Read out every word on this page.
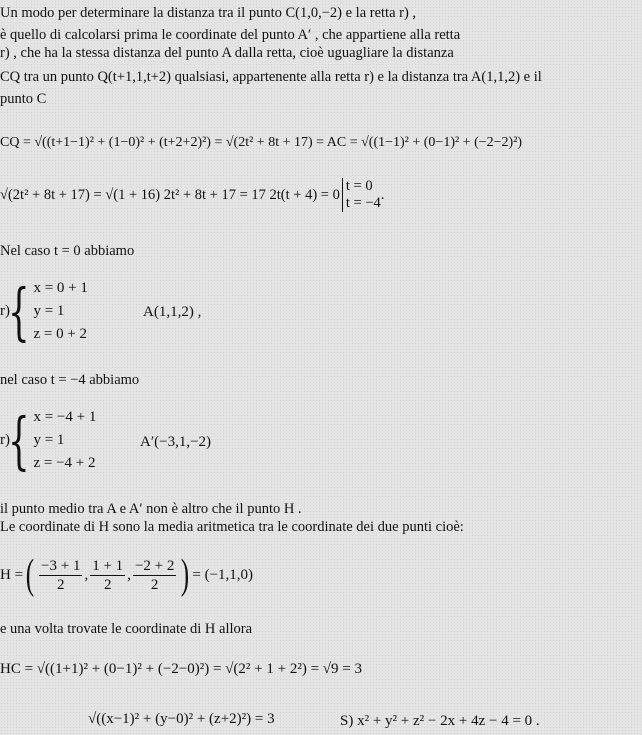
Un modo per determinare la distanza tra il punto C(1,0,−2) e la retta r) ,
è quello di calcolarsi prima le coordinate del punto A′ , che appartiene alla retta
r) , che ha la stessa distanza del punto A dalla retta, cioè uguagliare la distanza
CQ tra un punto Q(t+1,1,t+2) qualsiasi, appartenente alla retta r) e la distanza tra A(1,1,2) e il
punto C
CQ = √((t+1−1)² + (1−0)² + (t+2+2)²) = √(2t² + 8t + 17) = AC = √((1−1)² + (0−1)² + (−2−2)²)
√(2t² + 8t + 17) = √(1 + 16) 2t² + 8t + 17 = 17 2t(t + 4) = 0
t = 0
t = −4 .
Nel caso t = 0 abbiamo
r)
{ x = 0 + 1
y = 1
z = 0 + 2
A(1,1,2) ,
nel caso t = −4 abbiamo
r)
{ x = −4 + 1
y = 1
z = −4 + 2
A′(−3,1,−2)
il punto medio tra A e A′ non è altro che il punto H .
Le coordinate di H sono la media aritmetica tra le coordinate dei due punti cioè:
H = ( $\frac{-3 + 1}{2}$ , $\frac{1 + 1}{2}$ , $\frac{-2 + 2}{2}$ ) = (−1,1,0)
e una volta trovate le coordinate di H allora
HC = √((1+1)² + (0−1)² + (−2−0)²) = √(2² + 1 + 2²) = √9 = 3
√((x−1)² + (y−0)² + (z+2)²) = 3	S) x² + y² + z² − 2x + 4z − 4 = 0 .
